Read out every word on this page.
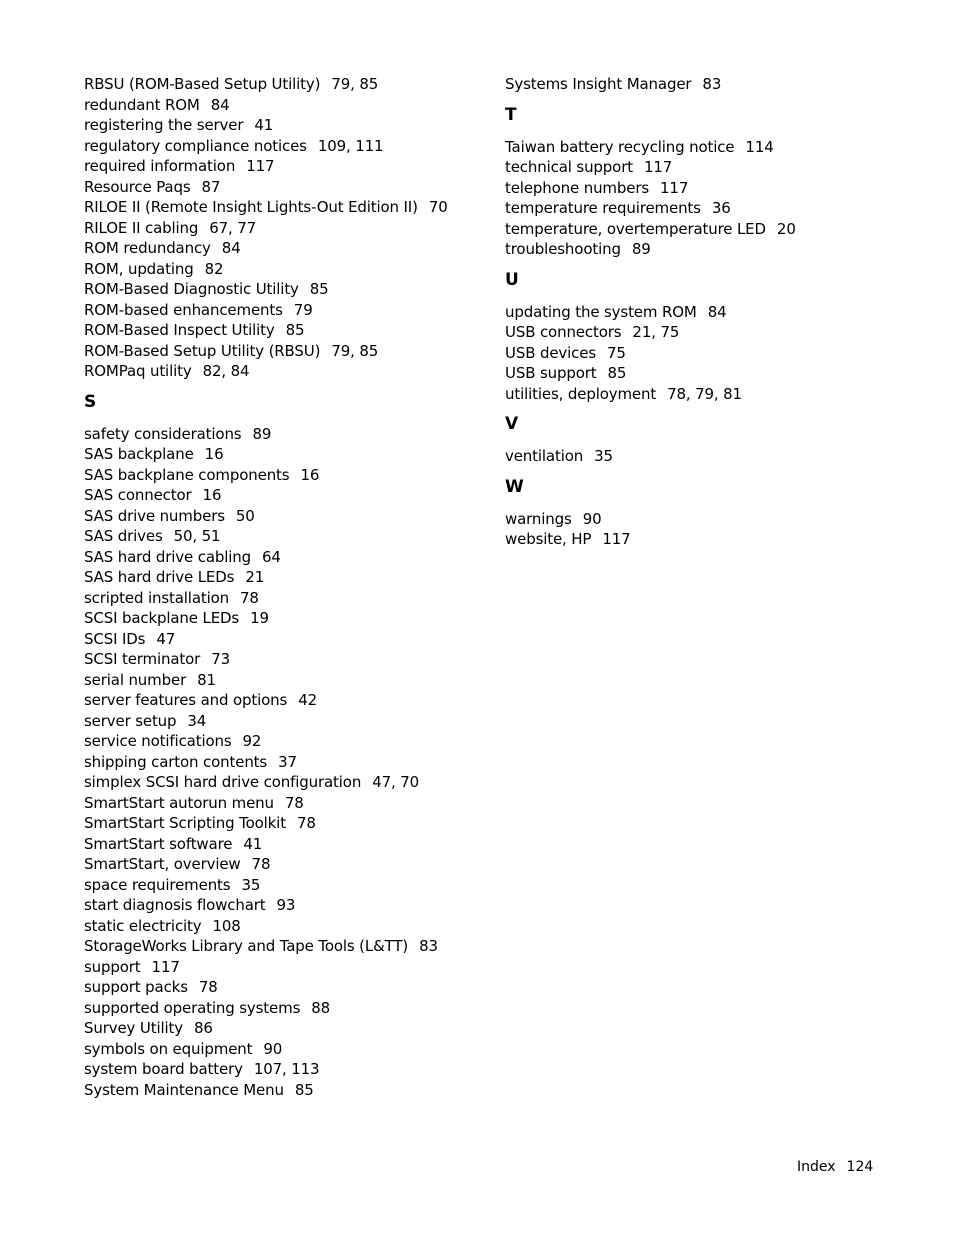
RBSU (ROM-Based Setup Utility) 79, 85
redundant ROM 84
registering the server 41
regulatory compliance notices 109, 111
required information 117
Resource Paqs 87
RILOE II (Remote Insight Lights-Out Edition II) 70
RILOE II cabling 67, 77
ROM redundancy 84
ROM, updating 82
ROM-Based Diagnostic Utility 85
ROM-based enhancements 79
ROM-Based Inspect Utility 85
ROM-Based Setup Utility (RBSU) 79, 85
ROMPaq utility 82, 84
S
safety considerations 89
SAS backplane 16
SAS backplane components 16
SAS connector 16
SAS drive numbers 50
SAS drives 50, 51
SAS hard drive cabling 64
SAS hard drive LEDs 21
scripted installation 78
SCSI backplane LEDs 19
SCSI IDs 47
SCSI terminator 73
serial number 81
server features and options 42
server setup 34
service notifications 92
shipping carton contents 37
simplex SCSI hard drive configuration 47, 70
SmartStart autorun menu 78
SmartStart Scripting Toolkit 78
SmartStart software 41
SmartStart, overview 78
space requirements 35
start diagnosis flowchart 93
static electricity 108
StorageWorks Library and Tape Tools (L&TT) 83
support 117
support packs 78
supported operating systems 88
Survey Utility 86
symbols on equipment 90
system board battery 107, 113
System Maintenance Menu 85
Systems Insight Manager 83
T
Taiwan battery recycling notice 114
technical support 117
telephone numbers 117
temperature requirements 36
temperature, overtemperature LED 20
troubleshooting 89
U
updating the system ROM 84
USB connectors 21, 75
USB devices 75
USB support 85
utilities, deployment 78, 79, 81
V
ventilation 35
W
warnings 90
website, HP 117
Index 124
